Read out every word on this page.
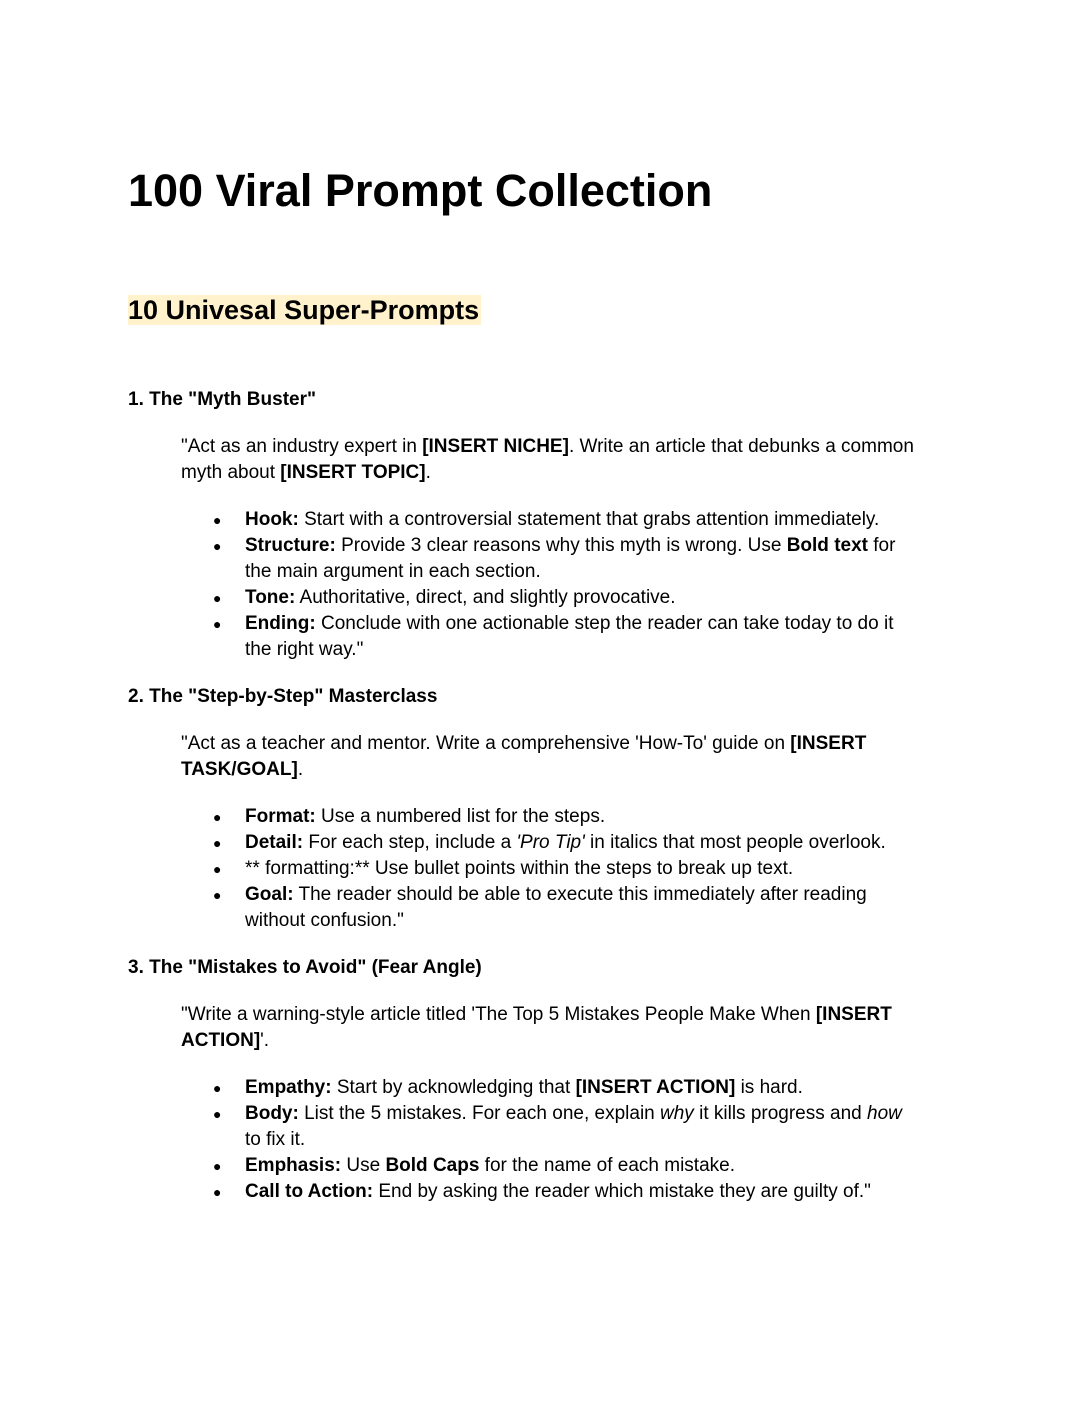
100 Viral Prompt Collection
10 Univesal Super-Prompts
1. The "Myth Buster"

"Act as an industry expert in [INSERT NICHE]. Write an article that debunks a common myth about [INSERT TOPIC].

● Hook: Start with a controversial statement that grabs attention immediately.
● Structure: Provide 3 clear reasons why this myth is wrong. Use Bold text for the main argument in each section.
● Tone: Authoritative, direct, and slightly provocative.
● Ending: Conclude with one actionable step the reader can take today to do it the right way."
2. The "Step-by-Step" Masterclass

"Act as a teacher and mentor. Write a comprehensive 'How-To' guide on [INSERT TASK/GOAL].

● Format: Use a numbered list for the steps.
● Detail: For each step, include a 'Pro Tip' in italics that most people overlook.
● ** formatting:** Use bullet points within the steps to break up text.
● Goal: The reader should be able to execute this immediately after reading without confusion."
3. The "Mistakes to Avoid" (Fear Angle)

"Write a warning-style article titled 'The Top 5 Mistakes People Make When [INSERT ACTION]'.

● Empathy: Start by acknowledging that [INSERT ACTION] is hard.
● Body: List the 5 mistakes. For each one, explain why it kills progress and how to fix it.
● Emphasis: Use Bold Caps for the name of each mistake.
● Call to Action: End by asking the reader which mistake they are guilty of."
